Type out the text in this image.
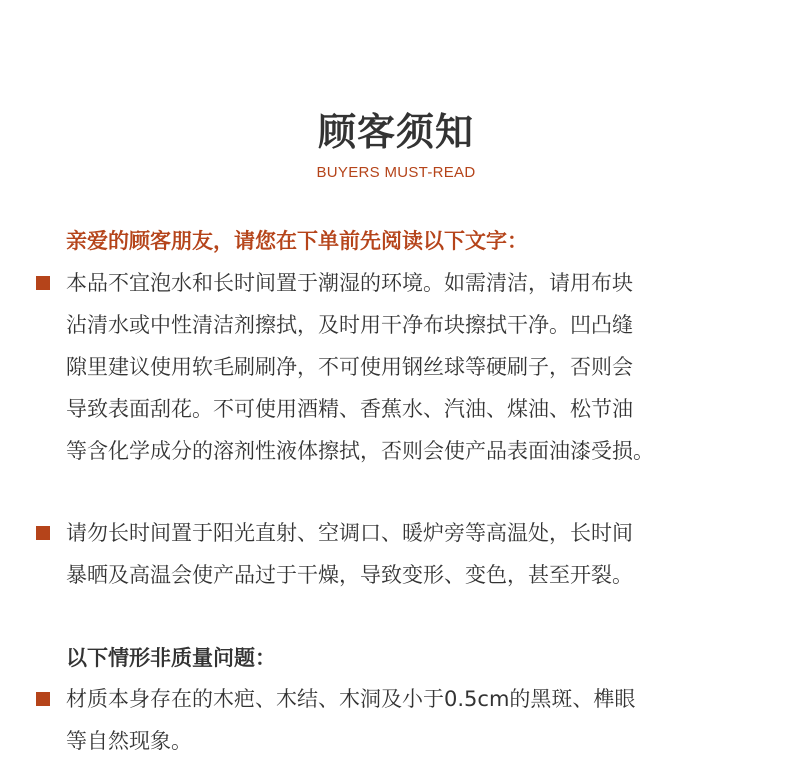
顾客须知
BUYERS MUST-READ
亲爱的顾客朋友，请您在下单前先阅读以下文字：
本品不宜泡水和长时间置于潮湿的环境。如需清洁，请用布块
沾清水或中性清洁剂擦拭，及时用干净布块擦拭干净。凹凸缝
隙里建议使用软毛刷刷净，不可使用钢丝球等硬刷子，否则会
导致表面刮花。不可使用酒精、香蕉水、汽油、煤油、松节油
等含化学成分的溶剂性液体擦拭，否则会使产品表面油漆受损。
请勿长时间置于阳光直射、空调口、暖炉旁等高温处，长时间
暴晒及高温会使产品过于干燥，导致变形、变色，甚至开裂。
以下情形非质量问题：
材质本身存在的木疤、木结、木洞及小于0.5cm的黑斑、榫眼
等自然现象。
